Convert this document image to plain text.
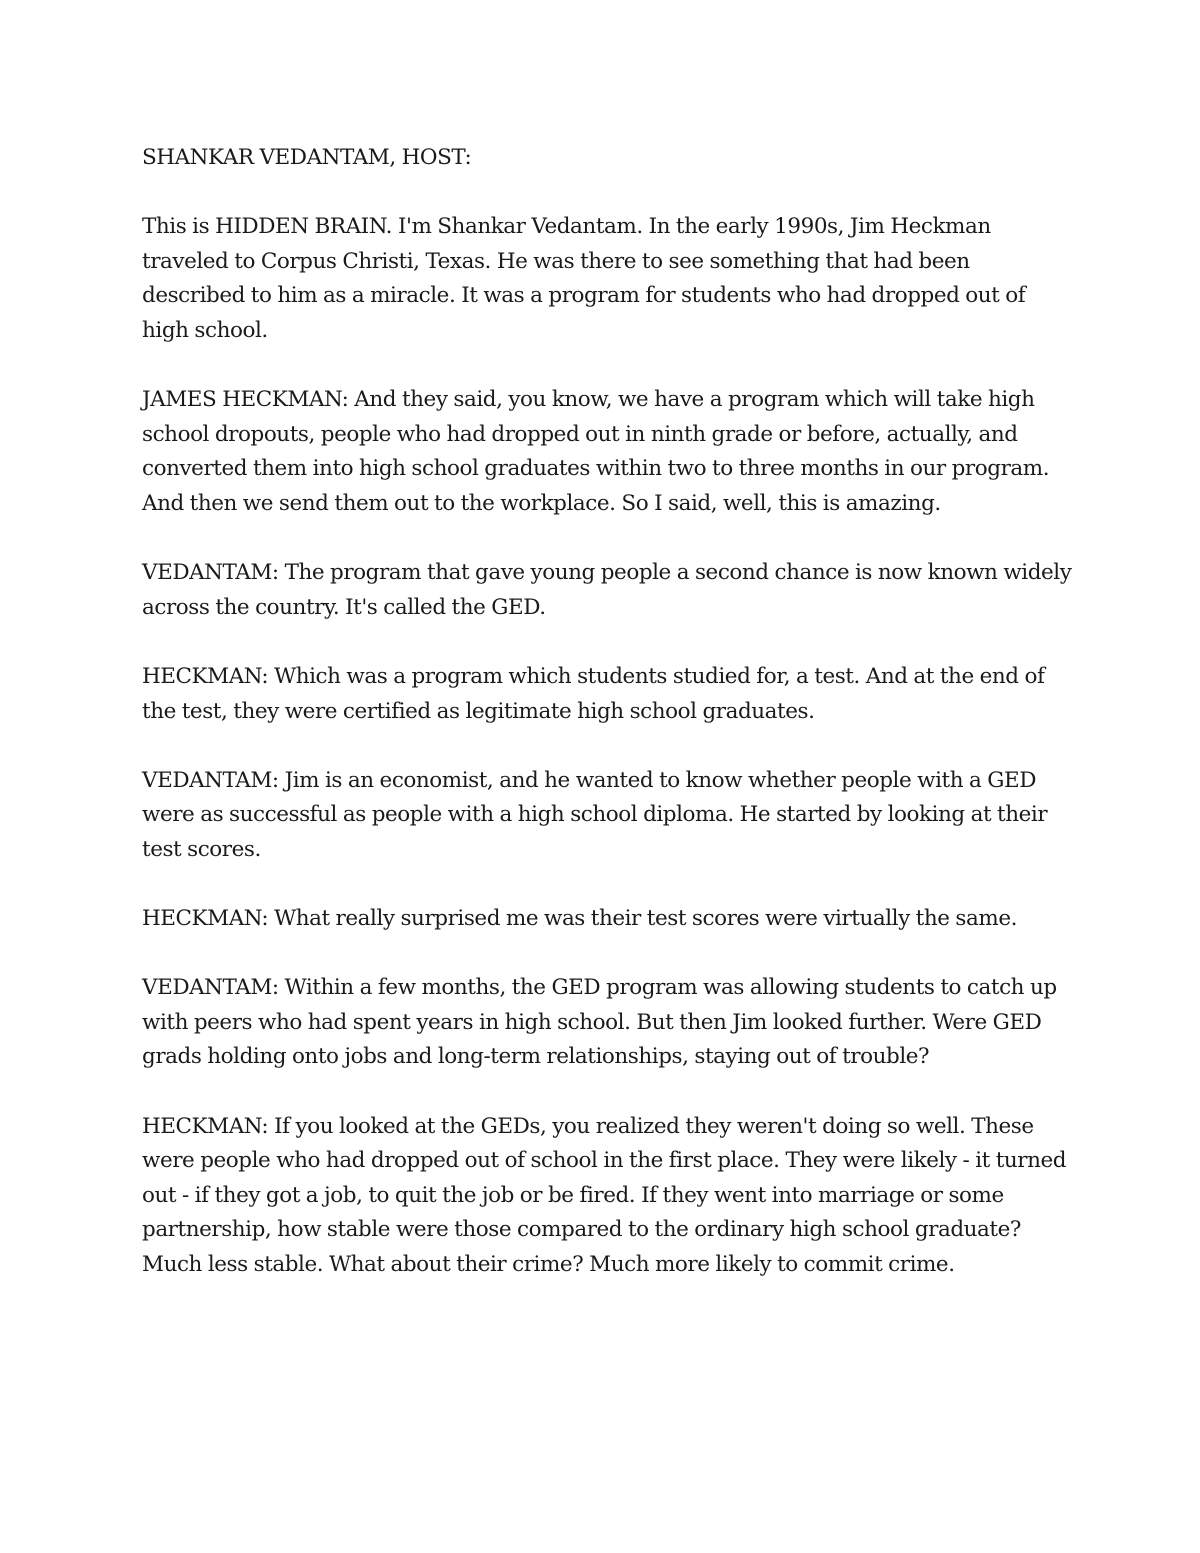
SHANKAR VEDANTAM, HOST:

This is HIDDEN BRAIN. I'm Shankar Vedantam. In the early 1990s, Jim Heckman traveled to Corpus Christi, Texas. He was there to see something that had been described to him as a miracle. It was a program for students who had dropped out of high school.

JAMES HECKMAN: And they said, you know, we have a program which will take high school dropouts, people who had dropped out in ninth grade or before, actually, and converted them into high school graduates within two to three months in our program. And then we send them out to the workplace. So I said, well, this is amazing.

VEDANTAM: The program that gave young people a second chance is now known widely across the country. It's called the GED.

HECKMAN: Which was a program which students studied for, a test. And at the end of the test, they were certified as legitimate high school graduates.

VEDANTAM: Jim is an economist, and he wanted to know whether people with a GED were as successful as people with a high school diploma. He started by looking at their test scores.

HECKMAN: What really surprised me was their test scores were virtually the same.

VEDANTAM: Within a few months, the GED program was allowing students to catch up with peers who had spent years in high school. But then Jim looked further. Were GED grads holding onto jobs and long-term relationships, staying out of trouble?

HECKMAN: If you looked at the GEDs, you realized they weren't doing so well. These were people who had dropped out of school in the first place. They were likely - it turned out - if they got a job, to quit the job or be fired. If they went into marriage or some partnership, how stable were those compared to the ordinary high school graduate? Much less stable. What about their crime? Much more likely to commit crime.
